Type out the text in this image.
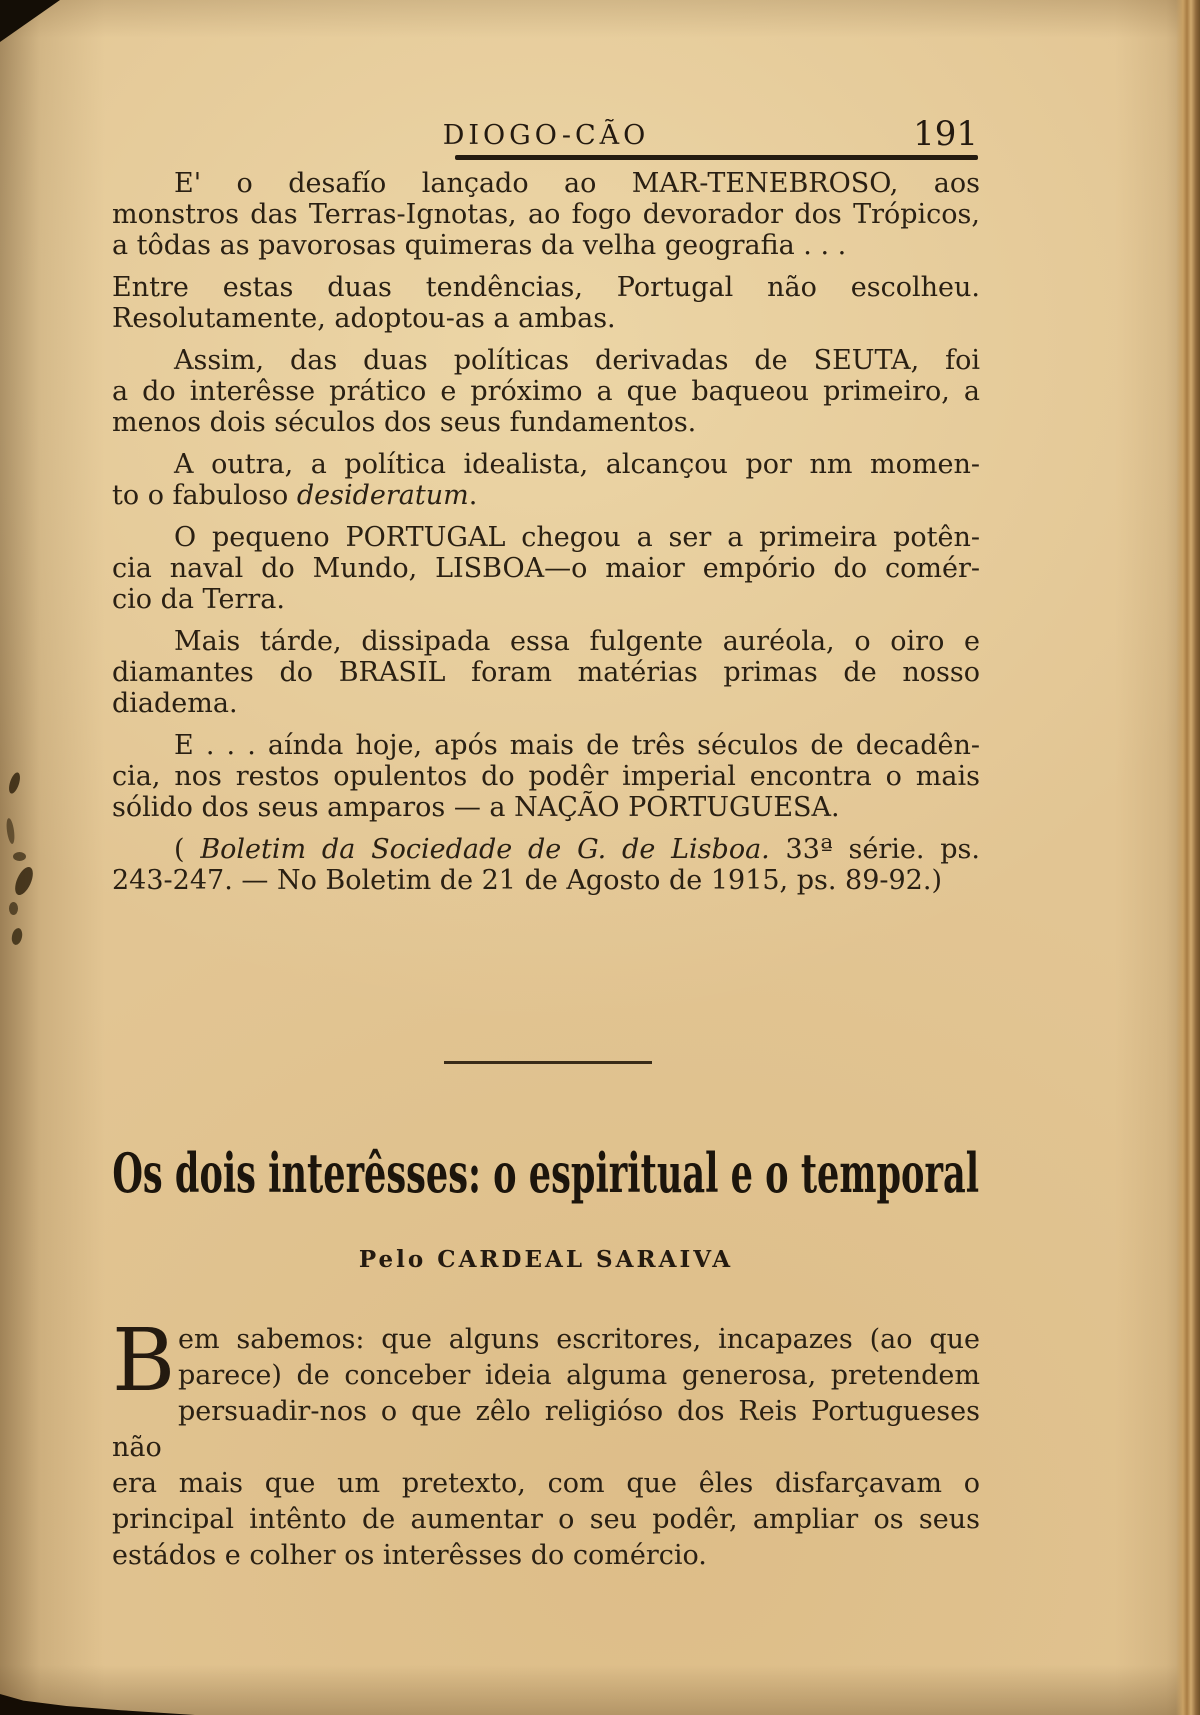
DIOGO-CÃO	191

E' o desafío lançado ao MAR-TENEBROSO, aos
monstros das Terras-Ignotas, ao fogo devorador dos Trópicos,
a tôdas as pavorosas quimeras da velha geografia . . .

Entre estas duas tendências, Portugal não escolheu.
Resolutamente, adoptou-as a ambas.

Assim, das duas políticas derivadas de SEUTA, foi
a do interêsse prático e próximo a que baqueou primeiro, a
menos dois séculos dos seus fundamentos.

A outra, a política idealista, alcançou por nm momen-
to o fabuloso desideratum.

O pequeno PORTUGAL chegou a ser a primeira potên-
cia naval do Mundo, LISBOA—o maior empório do comér-
cio da Terra.

Mais tárde, dissipada essa fulgente auréola, o oiro e
diamantes do BRASIL foram matérias primas de nosso
diadema.

E . . . aínda hoje, após mais de três séculos de decadên-
cia, nos restos opulentos do podêr imperial encontra o mais
sólido dos seus amparos — a NAÇÃO PORTUGUESA.

( Boletim da Sociedade de G. de Lisboa. 33ª série. ps.
243-247. — No Boletim de 21 de Agosto de 1915, ps. 89-92.)

Os dois interêsses: o espiritual e o temporal
Pelo CARDEAL SARAIVA
B em sabemos: que alguns escritores, incapazes (ao que
parece) de conceber ideia alguma generosa, pretendem
persuadir-nos o que zêlo religióso dos Reis Portugueses não
era mais que um pretexto, com que êles disfarçavam o
principal intênto de aumentar o seu podêr, ampliar os seus
estádos e colher os interêsses do comércio.
